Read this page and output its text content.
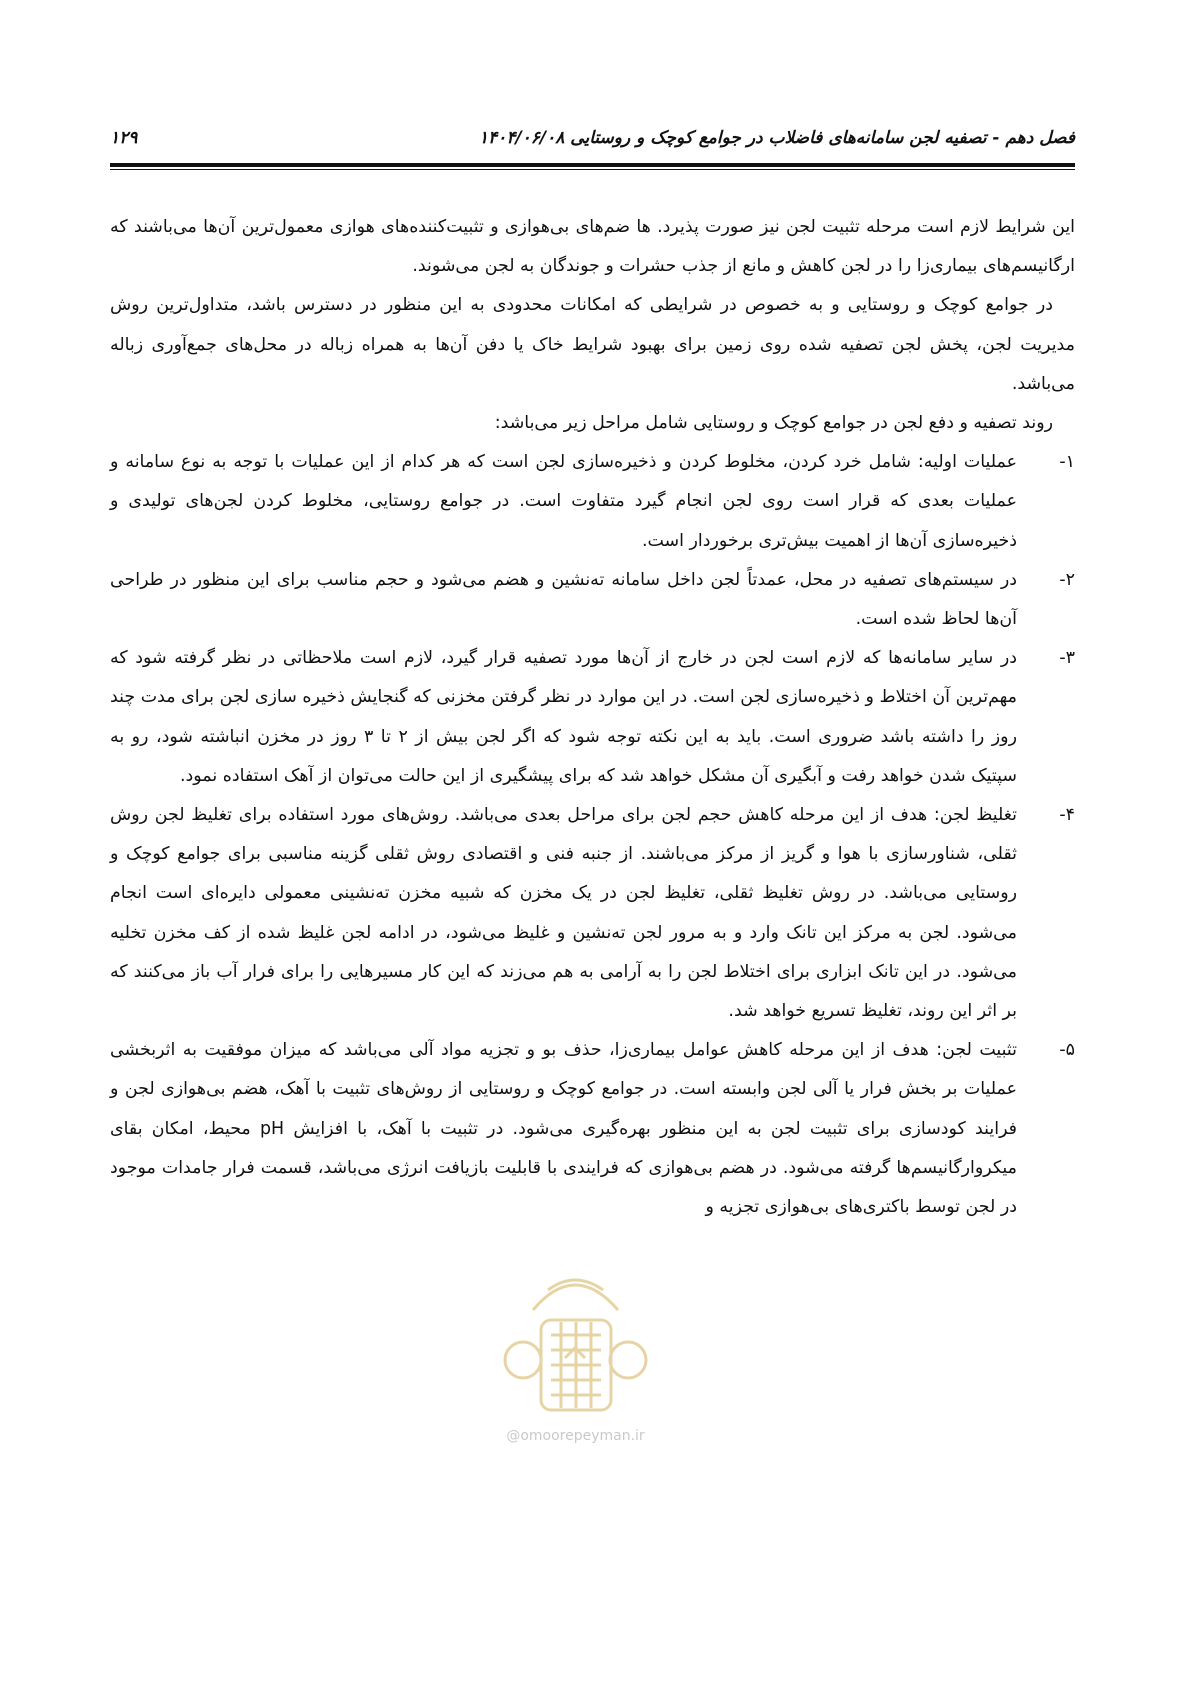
فصل دهم - تصفیه لجن سامانه‌های فاضلاب در جوامع کوچک و روستایی ۱۴۰۴/۰۶/۰۸
۱۲۹

این شرایط لازم است مرحله تثبیت لجن نیز صورت پذیرد. ها ضم‌های بی‌هوازی و تثبیت‌کننده‌های هوازی معمول‌ترین آن‌ها می‌باشند که ارگانیسم‌های بیماری‌زا را در لجن کاهش و مانع از جذب حشرات و جوندگان به لجن می‌شوند.

در جوامع کوچک و روستایی و به خصوص در شرایطی که امکانات محدودی به این منظور در دسترس باشد، متداول‌ترین روش مدیریت لجن، پخش لجن تصفیه شده روی زمین برای بهبود شرایط خاک یا دفن آن‌ها به همراه زباله در محل‌های جمع‌آوری زباله می‌باشد.

روند تصفیه و دفع لجن در جوامع کوچک و روستایی شامل مراحل زیر می‌باشد:

۱-
عملیات اولیه: شامل خرد کردن، مخلوط کردن و ذخیره‌سازی لجن است که هر کدام از این عملیات با توجه به نوع سامانه و عملیات بعدی که قرار است روی لجن انجام گیرد متفاوت است. در جوامع روستایی، مخلوط کردن لجن‌های تولیدی و ذخیره‌سازی آن‌ها از اهمیت بیش‌تری برخوردار است.
۲-
در سیستم‌های تصفیه در محل، عمدتاً لجن داخل سامانه ته‌نشین و هضم می‌شود و حجم مناسب برای این منظور در طراحی آن‌ها لحاظ شده است.
۳-
در سایر سامانه‌ها که لازم است لجن در خارج از آن‌ها مورد تصفیه قرار گیرد، لازم است ملاحظاتی در نظر گرفته شود که مهم‌ترین آن اختلاط و ذخیره‌سازی لجن است. در این موارد در نظر گرفتن مخزنی که گنجایش ذخیره سازی لجن برای مدت چند روز را داشته باشد ضروری است. باید به این نکته توجه شود که اگر لجن بیش از ۲ تا ۳ روز در مخزن انباشته شود، رو به سپتیک شدن خواهد رفت و آبگیری آن مشکل خواهد شد که برای پیشگیری از این حالت می‌توان از آهک استفاده نمود.
۴-
تغلیظ لجن: هدف از این مرحله کاهش حجم لجن برای مراحل بعدی می‌باشد. روش‌های مورد استفاده برای تغلیظ لجن روش ثقلی، شناورسازی با هوا و گریز از مرکز می‌باشند. از جنبه فنی و اقتصادی روش ثقلی گزینه مناسبی برای جوامع کوچک و روستایی می‌باشد. در روش تغلیظ ثقلی، تغلیظ لجن در یک مخزن که شبیه مخزن ته‌نشینی معمولی دایره‌ای است انجام می‌شود. لجن به مرکز این تانک وارد و به مرور لجن ته‌نشین و غلیظ می‌شود، در ادامه لجن غلیظ شده از کف مخزن تخلیه می‌شود. در این تانک ابزاری برای اختلاط لجن را به آرامی به هم می‌زند که این کار مسیرهایی را برای فرار آب باز می‌کنند که بر اثر این روند، تغلیظ تسریع خواهد شد.
۵-
تثبیت لجن: هدف از این مرحله کاهش عوامل بیماری‌زا، حذف بو و تجزیه مواد آلی می‌باشد که میزان موفقیت به اثربخشی عملیات بر بخش فرار یا آلی لجن وابسته است. در جوامع کوچک و روستایی از روش‌های تثبیت با آهک، هضم بی‌هوازی لجن و فرایند کودسازی برای تثبیت لجن به این منظور بهره‌گیری می‌شود. در تثبیت با آهک، با افزایش pH محیط، امکان بقای میکروارگانیسم‌ها گرفته می‌شود. در هضم بی‌هوازی که فرایندی با قابلیت بازیافت انرژی می‌باشد، قسمت فرار جامدات موجود در لجن توسط باکتری‌های بی‌هوازی تجزیه و
@omoorepeyman.ir
